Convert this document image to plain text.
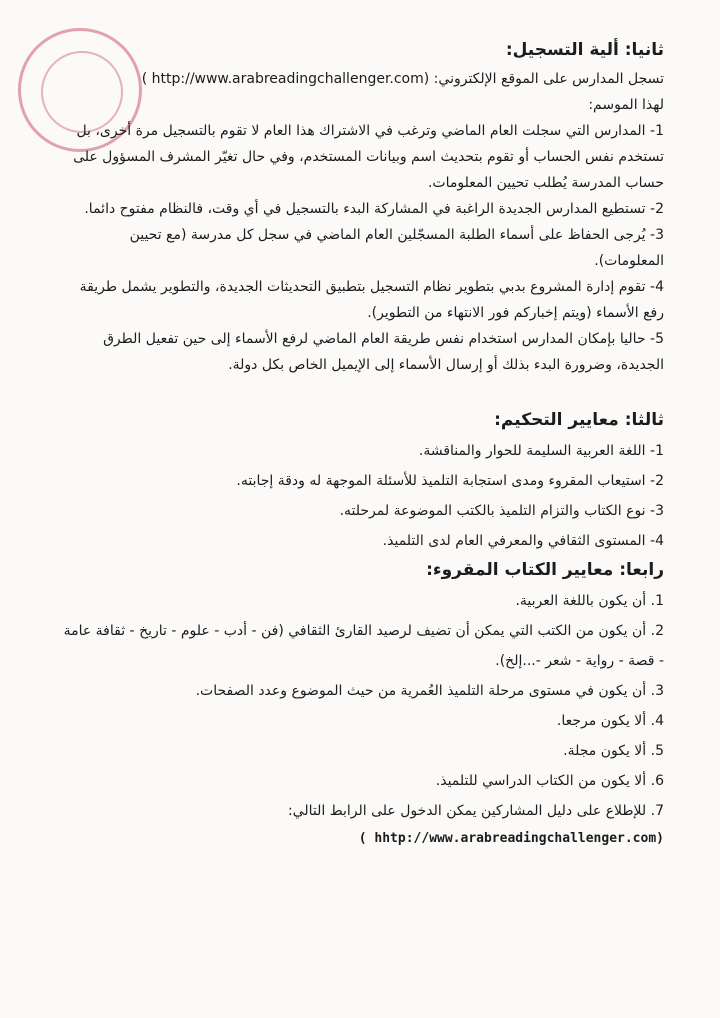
ثانيا: ألية التسجيل:

تسجل المدارس على الموقع الإلكتروني: (http://www.arabreadingchallenger.com )

لهذا الموسم:

1- المدارس التي سجلت العام الماضي وترغب في الاشتراك هذا العام لا تقوم بالتسجيل مرة أخرى، بل تستخدم نفس الحساب أو تقوم بتحديث اسم وبيانات المستخدم، وفي حال تغيّر المشرف المسؤول على حساب المدرسة يُطلب تحيين المعلومات.

2- تستطيع المدارس الجديدة الراغبة في المشاركة البدء بالتسجيل في أي وقت، فالنظام مفتوح دائما.

3- يُرجى الحفاظ على أسماء الطلبة المسجّلين العام الماضي في سجل كل مدرسة (مع تحيين المعلومات).

4- تقوم إدارة المشروع بدبي بتطوير نظام التسجيل بتطبيق التحديثات الجديدة، والتطوير يشمل طريقة رفع الأسماء (ويتم إخباركم فور الانتهاء من التطوير).

5- حاليا بإمكان المدارس استخدام نفس طريقة العام الماضي لرفع الأسماء إلى حين تفعيل الطرق الجديدة، وضرورة البدء بذلك أو إرسال الأسماء إلى الإيميل الخاص بكل دولة.

ثالثا: معايير التحكيم:
1- اللغة العربية السليمة للحوار والمناقشة.
2- استيعاب المقروء ومدى استجابة التلميذ للأسئلة الموجهة له ودقة إجابته.
3- نوع الكتاب والتزام التلميذ بالكتب الموضوعة لمرحلته.
4- المستوى الثقافي والمعرفي العام لدى التلميذ.
رابعا: معايير الكتاب المقروء:
1. أن يكون باللغة العربية.
2. أن يكون من الكتب التي يمكن أن تضيف لرصيد القارئ الثقافي (فن - أدب - علوم - تاريخ - ثقافة عامة - قصة - رواية - شعر -...إلخ).
3. أن يكون في مستوى مرحلة التلميذ العُمرية من حيث الموضوع وعدد الصفحات.
4. ألا يكون مرجعا.
5. ألا يكون مجلة.
6. ألا يكون من الكتاب الدراسي للتلميذ.
7. للإطلاع على دليل المشاركين يمكن الدخول على الرابط التالي:

( hhtp://www.arabreadingchallenger.com)
